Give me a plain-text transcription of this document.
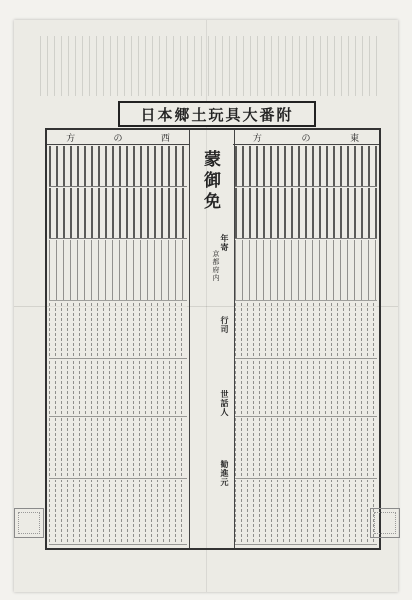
附番大具玩土郷本日
方	の	西	方	の	東
蒙御免
年寄
京都府内
行司
世話人
勧進元
